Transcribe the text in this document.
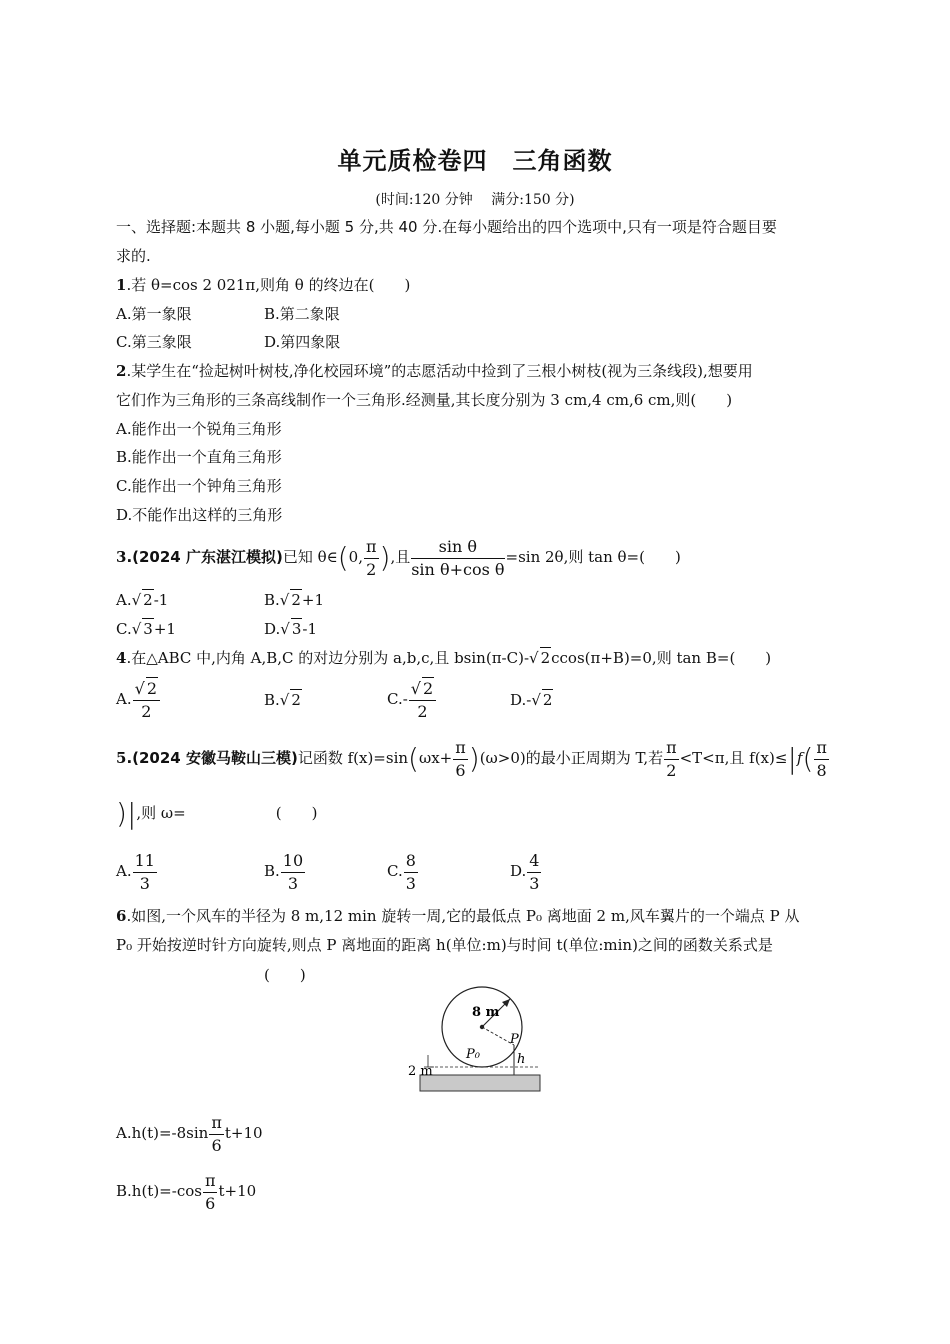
单元质检卷四　三角函数
(时间:120 分钟　 满分:150 分)
一、选择题:本题共 8 小题,每小题 5 分,共 40 分.在每小题给出的四个选项中,只有一项是符合题目要
求的.
1.若 θ=cos 2 021π,则角 θ 的终边在(　　)
A.第一象限	B.第二象限
C.第三象限	D.第四象限
2.某学生在“捡起树叶树枝,净化校园环境”的志愿活动中捡到了三根小树枝(视为三条线段),想要用
它们作为三角形的三条高线制作一个三角形.经测量,其长度分别为 3 cm,4 cm,6 cm,则(　　)
A.能作出一个锐角三角形
B.能作出一个直角三角形
C.能作出一个钟角三角形
D.不能作出这样的三角形
3.(2024 广东湛江模拟)已知 θ∈(0, $\frac{\pi}{2}$ ),且 $\frac{\text{sin θ}}{\text{sin θ+cos θ}} =\sin$ 2θ,则 tan θ=(　　)
A.√ 2-1	B.√ 2+1
C.√ 3+1	D.√ 3-1
4.在△ABC 中,内角 A,B,C 的对边分别为 a,b,c,且 bsin(π-C)-√ 2ccos(π+B)=0,则 tan B=(　　)
A. $\frac{√ 2}{2}$	B.√ 2	$C.- \frac{√ 2}{2}$	D.-√ 2
5.(2024 安徽马鞍山三模)记函数 $f(x)=\sin(\omega x+ \frac{\pi}{6} )(\omega>0)$的最小正周期为 T,若 $\frac{\pi}{2} <T<\pi$,且 $f(x)\le|f( \frac{\pi}{8}$
)|,则 ω=　　　　　　(　　)
A. $\frac{11}{3}$	B. $\frac{10}{3}$	C. $\frac{8}{3}$	D. $\frac{4}{3}$
6.如图,一个风车的半径为 8 m,12 min 旋转一周,它的最低点 P₀ 离地面 2 m,风车翼片的一个端点 P 从
P₀ 开始按逆时针方向旋转,则点 P 离地面的距离 h(单位:m)与时间 t(单位:min)之间的函数关系式是
(　　)
8 m
P
P₀	h
2 m
$A.h(t)=-8\sin \frac{\pi}{6} t+10$
$B.h(t)=-\cos \frac{\pi}{6} t+10$
